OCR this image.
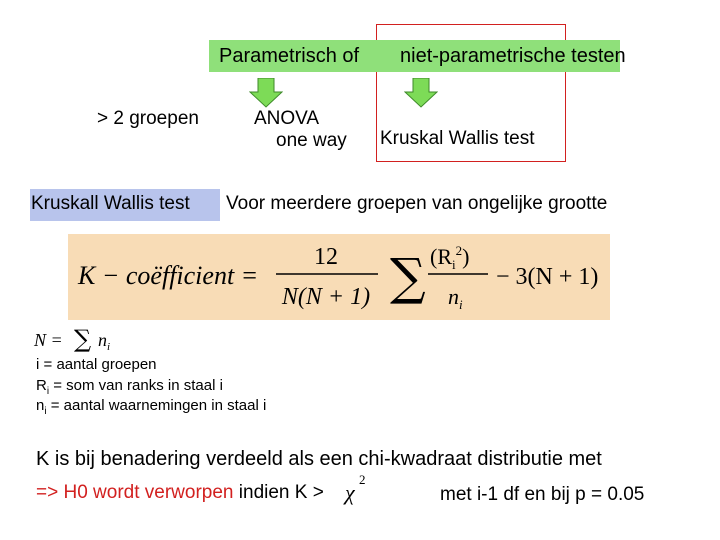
Parametrisch of niet-parametrische testen
> 2 groepen	ANOVA
one way Kruskal Wallis test
Kruskall Wallis test Voor meerdere groepen van ongelijke grootte
K − coëfficient =
12
N(N + 1) ∑ $(R_i^2)$
$n_i$
− 3(N + 1)
N = ∑ $n_i$
i = aantal groepen
$R_i$ = som van ranks in staal i
$n_i$ = aantal waarnemingen in staal i
K is bij benadering verdeeld als een chi-kwadraat distributie met
=> H0 wordt verworpen indien K > χ
2
met i-1 df en bij p = 0.05
